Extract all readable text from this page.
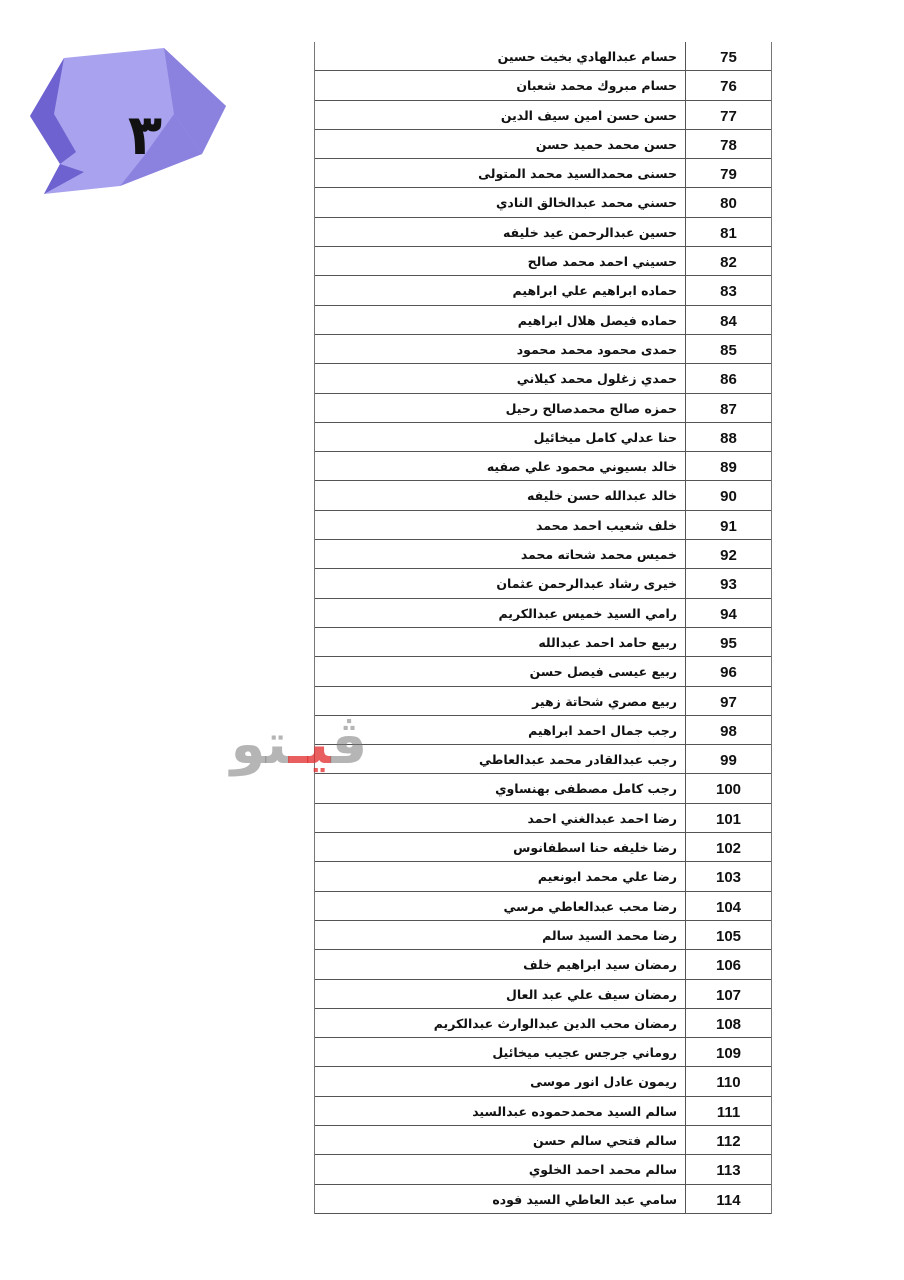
٣
حسام عبدالهادي بخيت حسين	75
حسام مبروك محمد شعبان	76
حسن حسن امين سيف الدين	77
حسن محمد حميد حسن	78
حسنى محمدالسيد محمد المتولى	79
حسني محمد عبدالخالق النادي	80
حسين عبدالرحمن عيد خليفه	81
حسيني احمد محمد صالح	82
حماده ابراهيم علي ابراهيم	83
حماده فيصل هلال ابراهيم	84
حمدى محمود محمد محمود	85
حمدي زغلول محمد كيلاني	86
حمزه صالح محمدصالح رحيل	87
حنا عدلي كامل ميخائيل	88
خالد بسيوني محمود علي صفيه	89
خالد عبدالله حسن خليفه	90
خلف شعيب احمد محمد	91
خميس محمد شحاته محمد	92
خيرى رشاد عبدالرحمن عثمان	93
رامي السيد خميس عبدالكريم	94
ربيع حامد احمد عبدالله	95
ربيع عيسى فيصل حسن	96
ربيع مصري شحاتة زهير	97
رجب جمال احمد ابراهيم	98
رجب عبدالقادر محمد عبدالعاطي	99
رجب كامل مصطفى بهنساوي	100
رضا احمد عبدالغني احمد	101
رضا خليفه حنا اسطفانوس	102
رضا علي محمد ابونعيم	103
رضا محب عبدالعاطي مرسي	104
رضا محمد السيد سالم	105
رمضان سيد ابراهيم خلف	106
رمضان سيف علي عبد العال	107
رمضان محب الدين عبدالوارث عبدالكريم	108
روماني جرجس عجيب ميخائيل	109
ريمون عادل انور موسى	110
سالم السيد محمدحموده عبدالسيد	111
سالم فتحي سالم حسن	112
سالم محمد احمد الخلوي	113
سامي عبد العاطي السيد فوده	114
ڤيـتو
